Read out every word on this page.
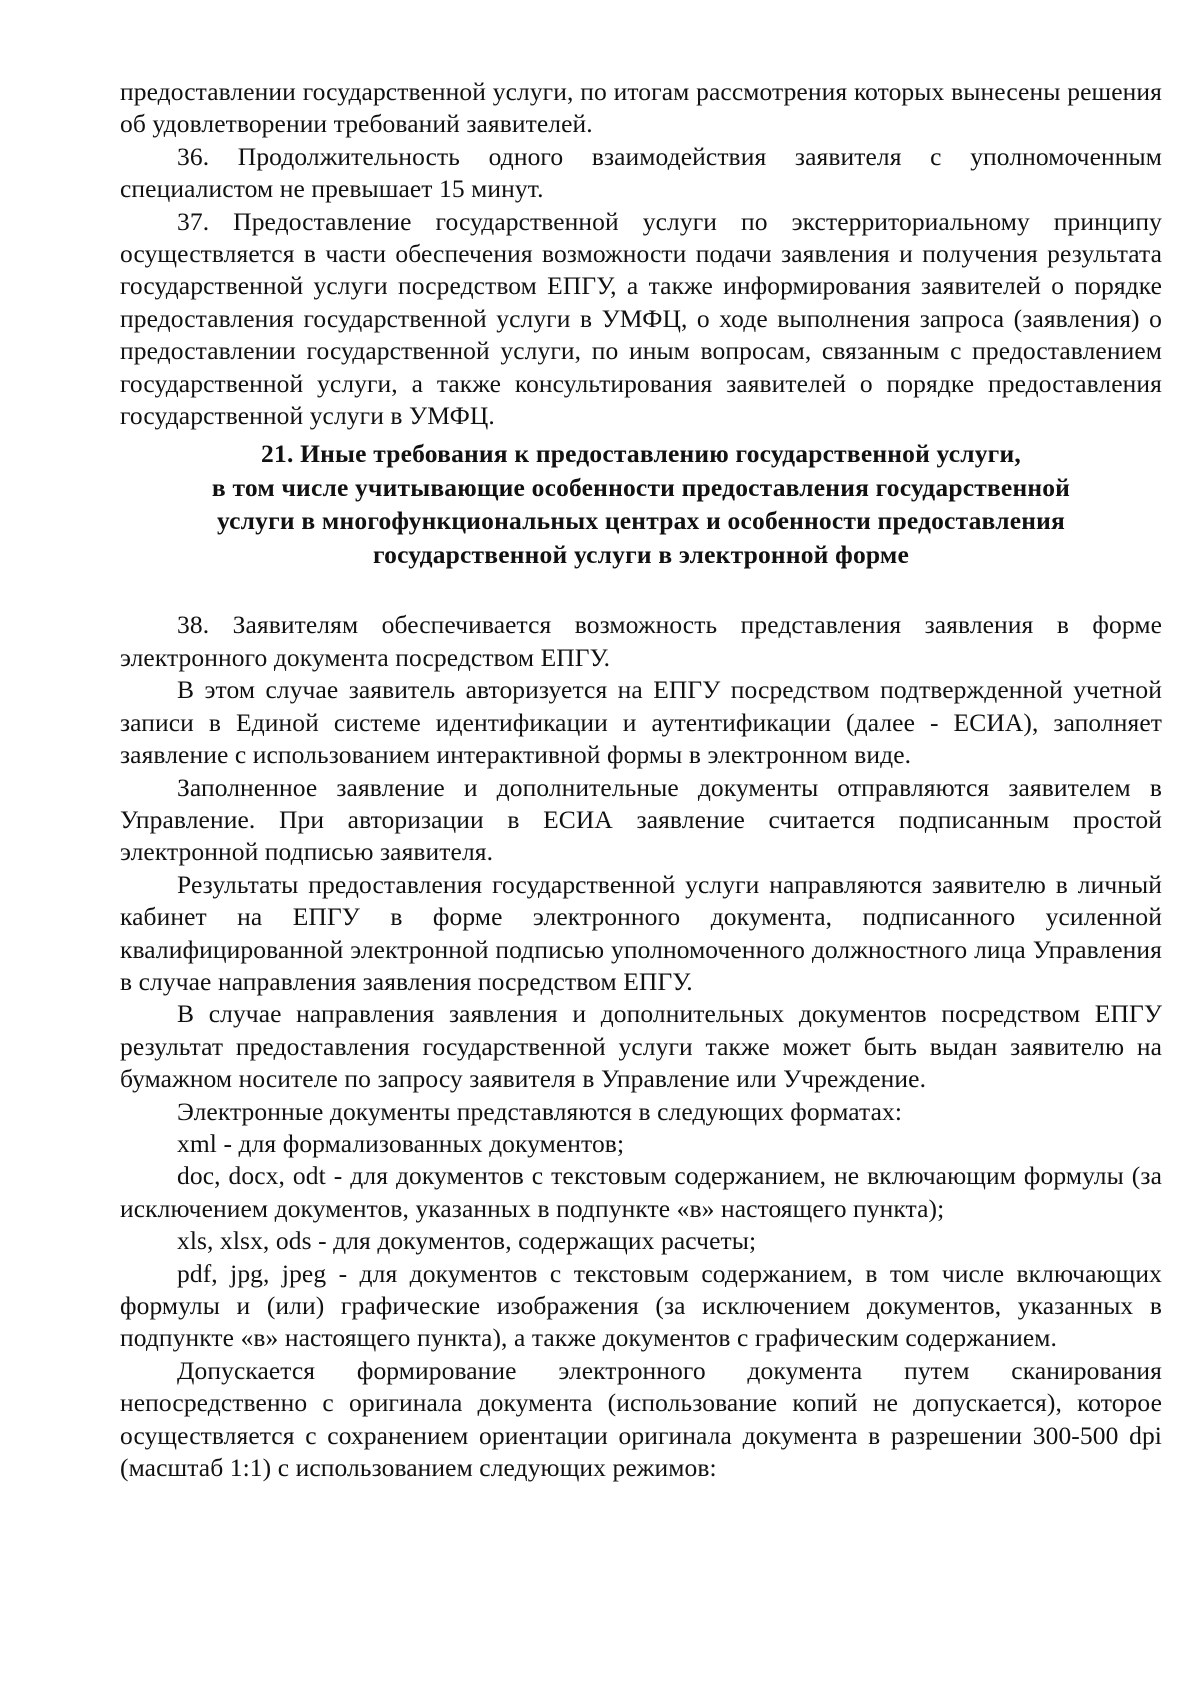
предоставлении государственной услуги, по итогам рассмотрения которых вынесены решения об удовлетворении требований заявителей.

36. Продолжительность одного взаимодействия заявителя с уполномоченным специалистом не превышает 15 минут.

37. Предоставление государственной услуги по экстерриториальному принципу осуществляется в части обеспечения возможности подачи заявления и получения результата государственной услуги посредством ЕПГУ, а также информирования заявителей о порядке предоставления государственной услуги в УМФЦ, о ходе выполнения запроса (заявления) о предоставлении государственной услуги, по иным вопросам, связанным с предоставлением государственной услуги, а также консультирования заявителей о порядке предоставления государственной услуги в УМФЦ.

21. Иные требования к предоставлению государственной услуги,
в том числе учитывающие особенности предоставления государственной
услуги в многофункциональных центрах и особенности предоставления
государственной услуги в электронной форме

38. Заявителям обеспечивается возможность представления заявления в форме электронного документа посредством ЕПГУ.

В этом случае заявитель авторизуется на ЕПГУ посредством подтвержденной учетной записи в Единой системе идентификации и аутентификации (далее - ЕСИА), заполняет заявление с использованием интерактивной формы в электронном виде.

Заполненное заявление и дополнительные документы отправляются заявителем в Управление. При авторизации в ЕСИА заявление считается подписанным простой электронной подписью заявителя.

Результаты предоставления государственной услуги направляются заявителю в личный кабинет на ЕПГУ в форме электронного документа, подписанного усиленной квалифицированной электронной подписью уполномоченного должностного лица Управления в случае направления заявления посредством ЕПГУ.

В случае направления заявления и дополнительных документов посредством ЕПГУ результат предоставления государственной услуги также может быть выдан заявителю на бумажном носителе по запросу заявителя в Управление или Учреждение.

Электронные документы представляются в следующих форматах:

xml - для формализованных документов;

doc, docx, odt - для документов с текстовым содержанием, не включающим формулы (за исключением документов, указанных в подпункте «в» настоящего пункта);

xls, xlsx, ods - для документов, содержащих расчеты;

pdf, jpg, jpeg - для документов с текстовым содержанием, в том числе включающих формулы и (или) графические изображения (за исключением документов, указанных в подпункте «в» настоящего пункта), а также документов с графическим содержанием.

Допускается формирование электронного документа путем сканирования непосредственно с оригинала документа (использование копий не допускается), которое осуществляется с сохранением ориентации оригинала документа в разрешении 300-500 dpi (масштаб 1:1) с использованием следующих режимов:
